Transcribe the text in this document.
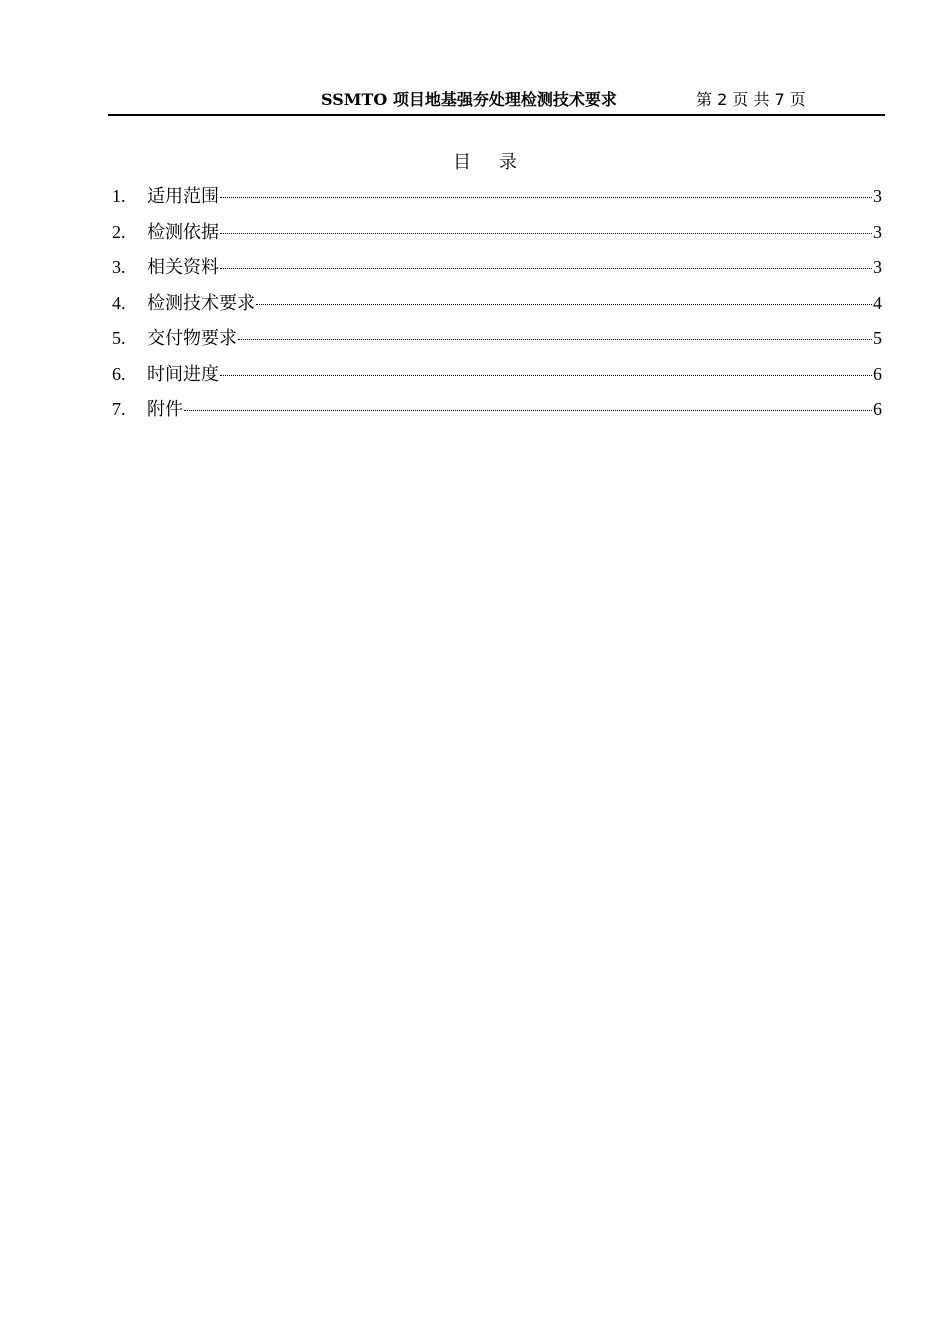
SSMTO 项目地基强夯处理检测技术要求	第 2 页 共 7 页
目录
1.	适用范围	3
2.	检测依据	3
3.	相关资料	3
4.	检测技术要求	4
5.	交付物要求	5
6.	时间进度	6
7.	附件	6
